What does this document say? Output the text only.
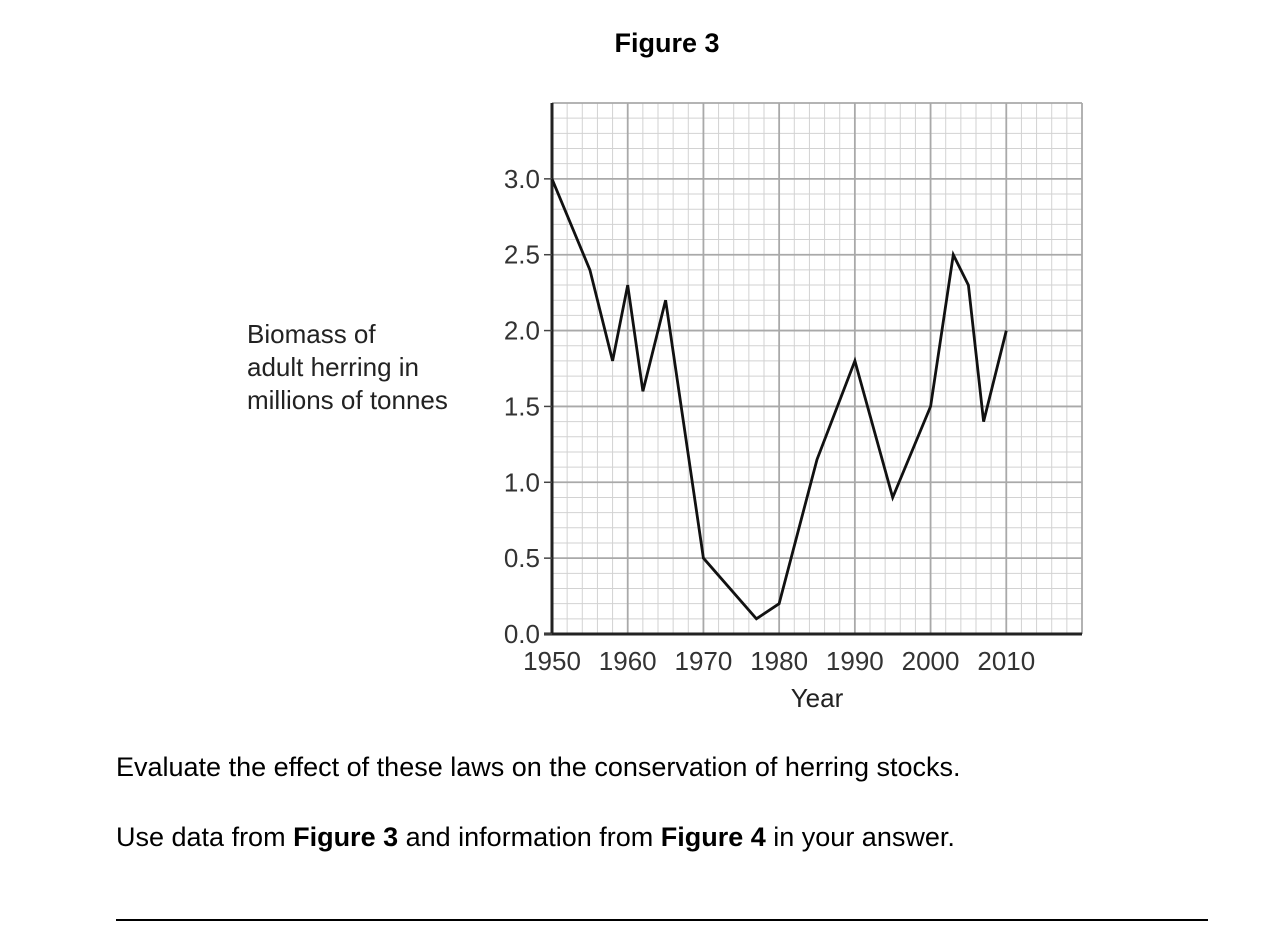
Figure 3
Biomass of
adult herring in
millions of tonnes
0.0
0.5
1.0
1.5
2.0
2.5
3.0
1950 1960 1970 1980 1990 2000 2010
Year
Evaluate the effect of these laws on the conservation of herring stocks.
Use data from Figure 3 and information from Figure 4 in your answer.
